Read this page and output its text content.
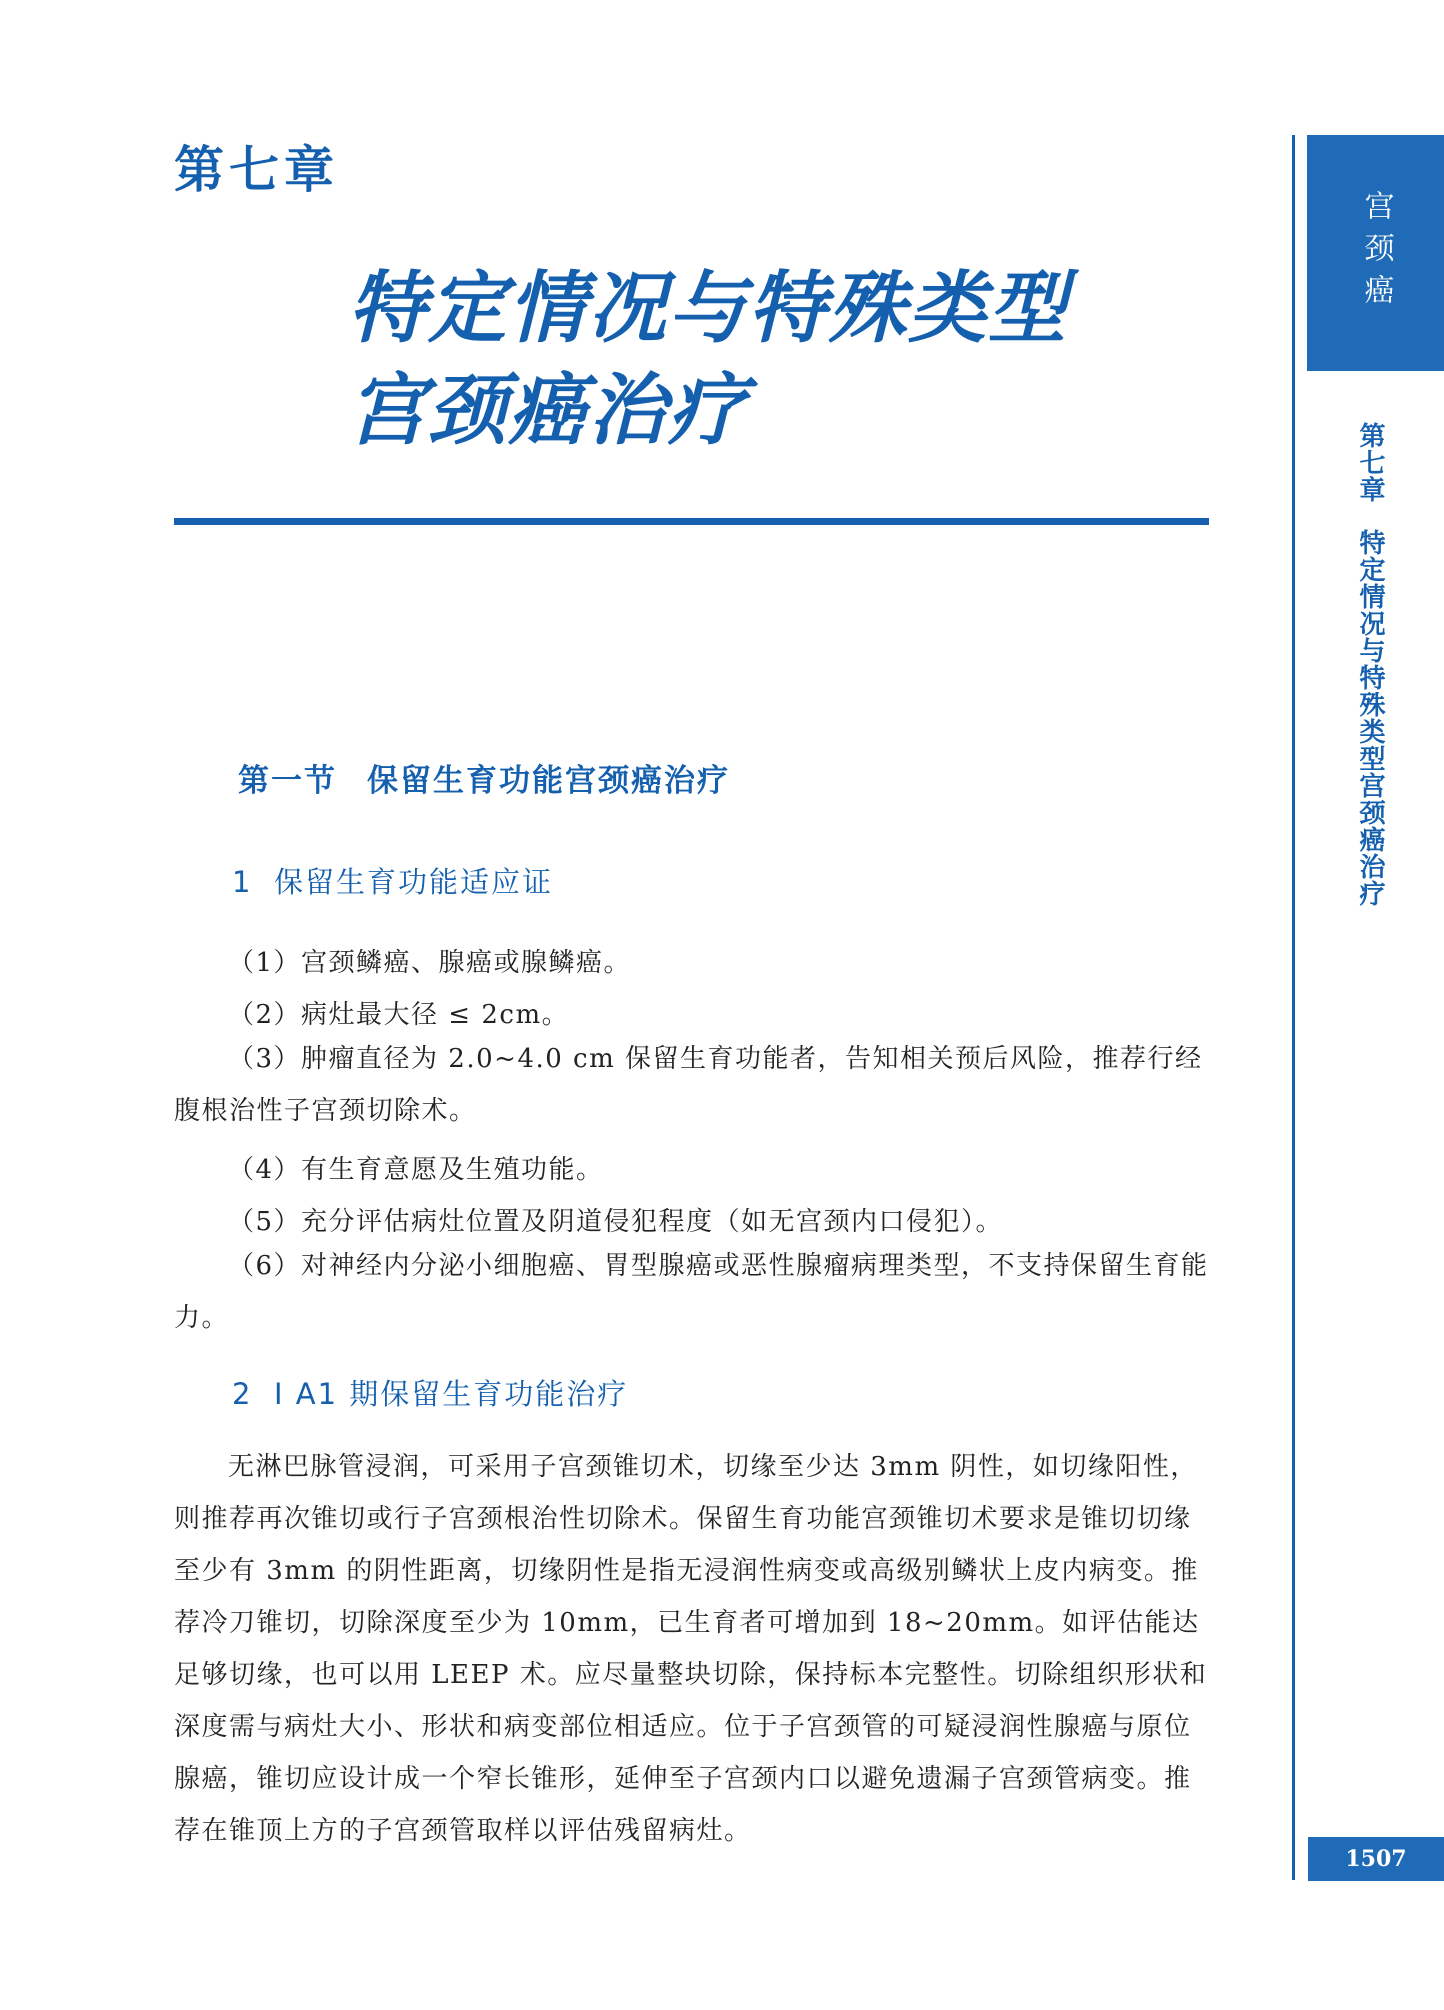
第七章
特定情况与特殊类型
宫颈癌治疗
宫颈癌
第七章特定情况与特殊类型宫颈癌治疗
1507
第一节 保留生育功能宫颈癌治疗
1 保留生育功能适应证
（1）宫颈鳞癌、腺癌或腺鳞癌。
（2）病灶最大径 ≤ 2cm。
（3）肿瘤直径为 2.0~4.0 cm 保留生育功能者，告知相关预后风险，推荐行经腹根治性子宫颈切除术。
（4）有生育意愿及生殖功能。
（5）充分评估病灶位置及阴道侵犯程度（如无宫颈内口侵犯）。
（6）对神经内分泌小细胞癌、胃型腺癌或恶性腺瘤病理类型，不支持保留生育能力。
2 Ⅰ A1 期保留生育功能治疗
无淋巴脉管浸润，可采用子宫颈锥切术，切缘至少达 3mm 阴性，如切缘阳性，则推荐再次锥切或行子宫颈根治性切除术。保留生育功能宫颈锥切术要求是锥切切缘至少有 3mm 的阴性距离，切缘阴性是指无浸润性病变或高级别鳞状上皮内病变。推荐冷刀锥切，切除深度至少为 10mm，已生育者可增加到 18~20mm。如评估能达足够切缘，也可以用 LEEP 术。应尽量整块切除，保持标本完整性。切除组织形状和深度需与病灶大小、形状和病变部位相适应。位于子宫颈管的可疑浸润性腺癌与原位腺癌，锥切应设计成一个窄长锥形，延伸至子宫颈内口以避免遗漏子宫颈管病变。推荐在锥顶上方的子宫颈管取样以评估残留病灶。
